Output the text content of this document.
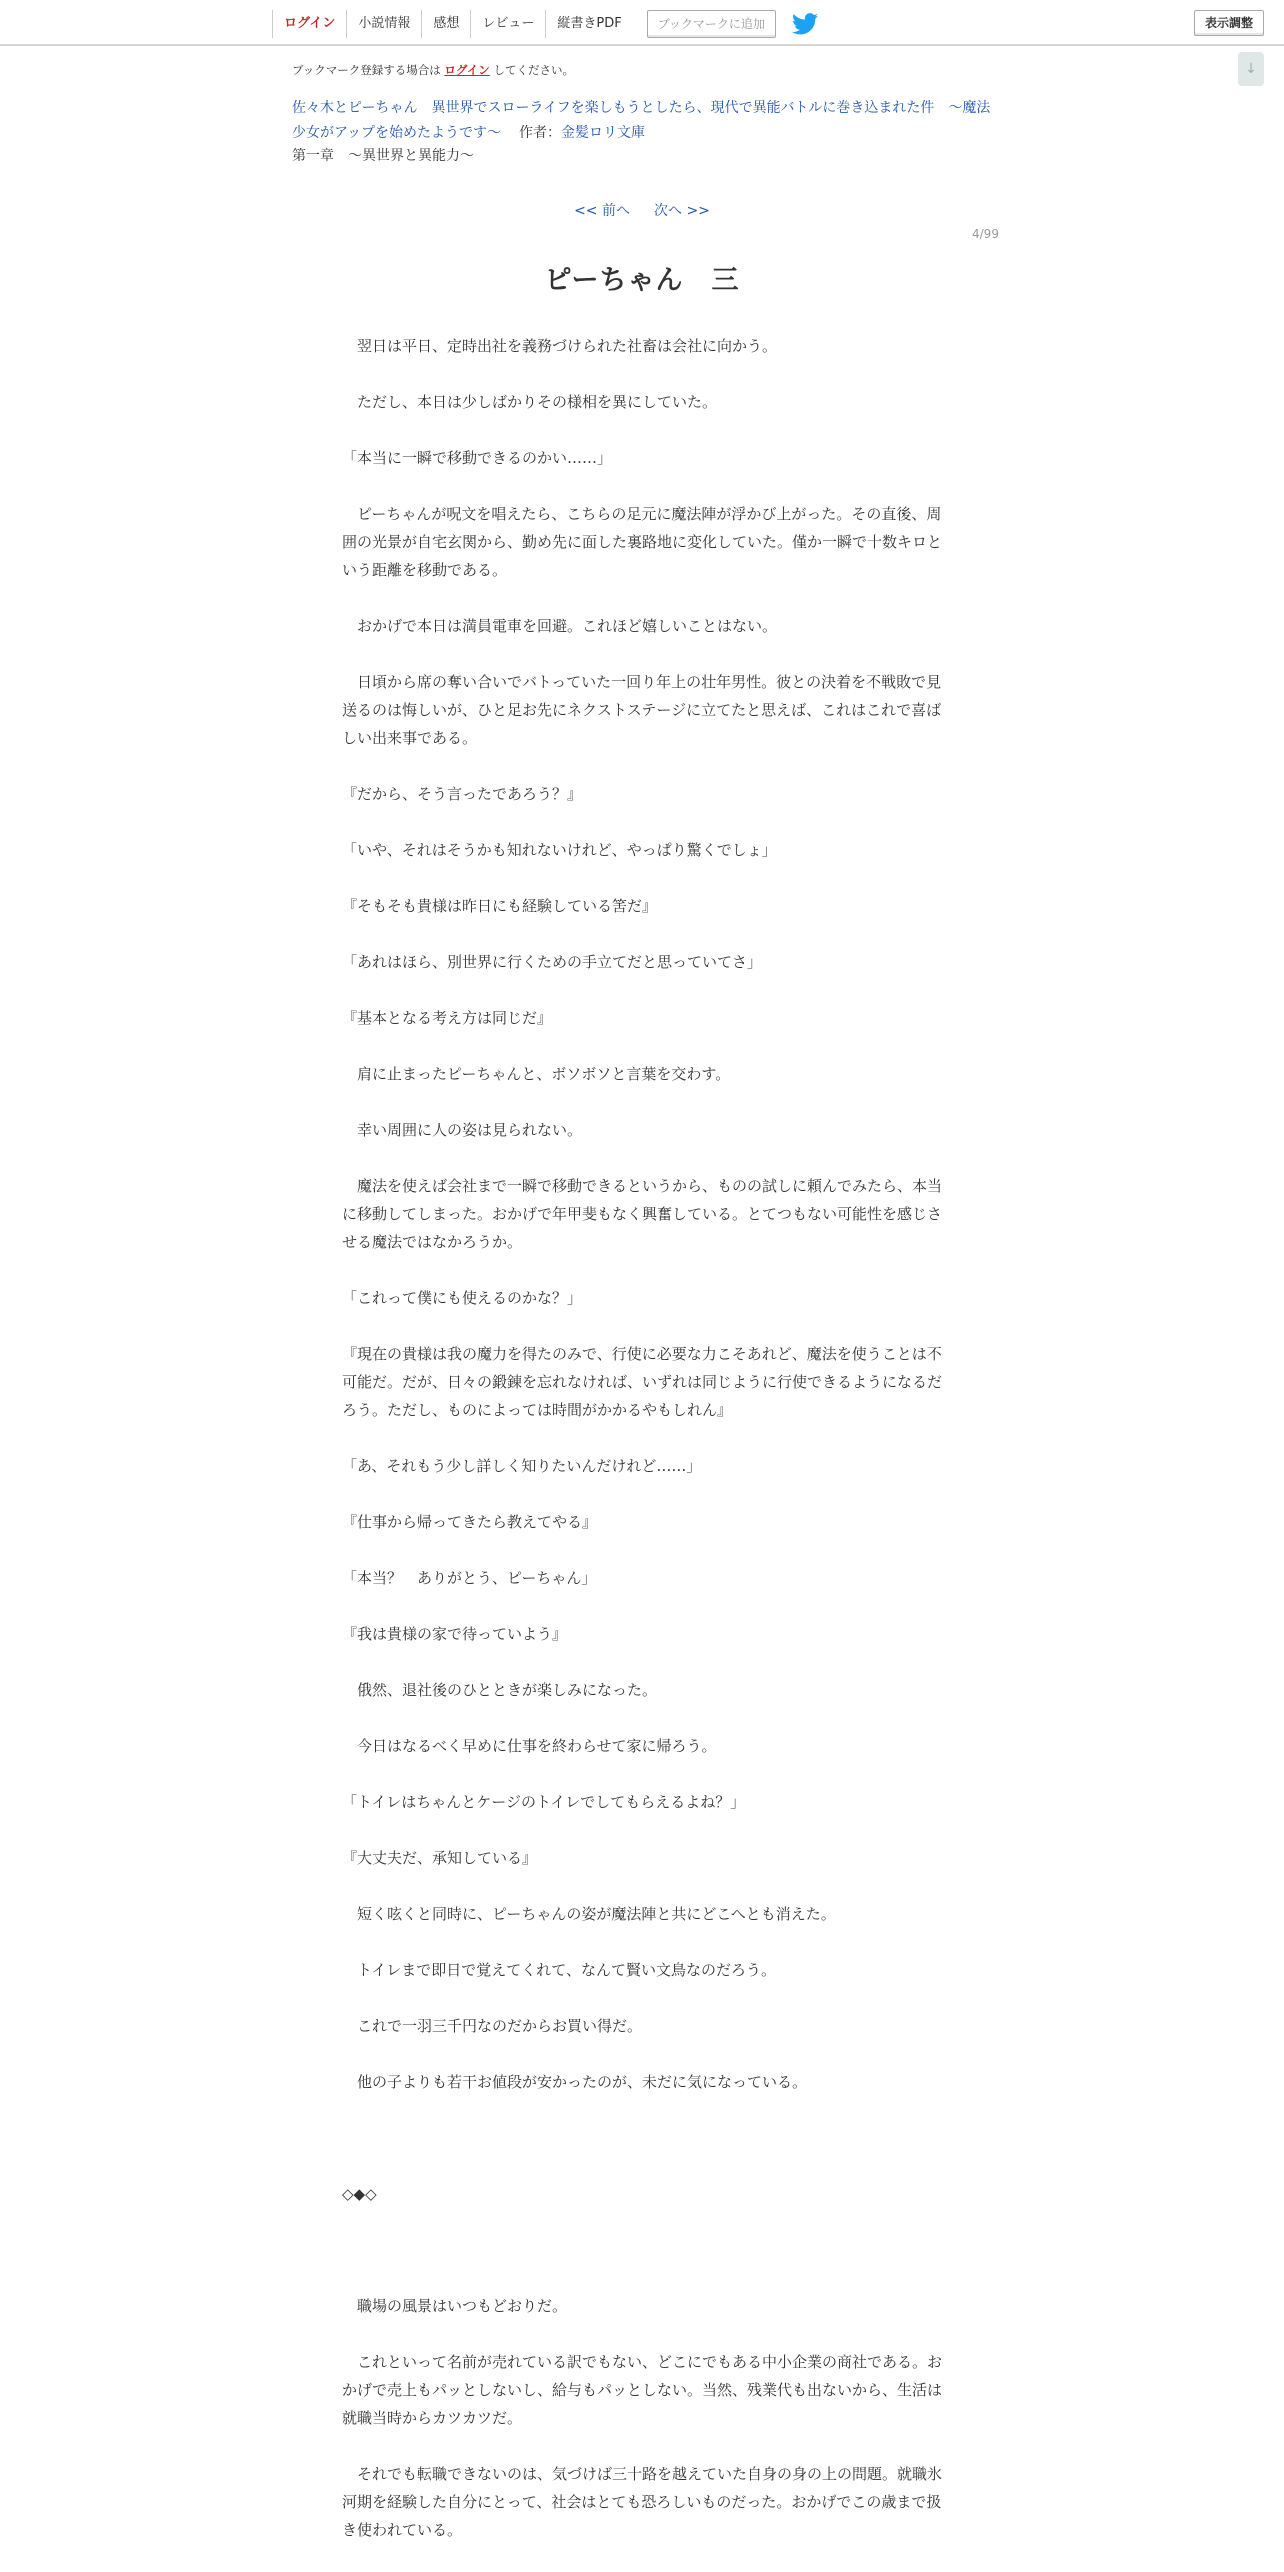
ログイン	小説情報	感想	レビュー	縦書きPDF	ブックマークに追加	表示調整
↓
ブックマーク登録する場合は ログイン してください。
佐々木とピーちゃん　異世界でスローライフを楽しもうとしたら、現代で異能バトルに巻き込まれた件　～魔法少女がアップを始めたようです～ 作者：金髪ロリ文庫
第一章　～異世界と異能力～
<< 前へ 次へ >>
4/99
ピーちゃん　三

　翌日は平日、定時出社を義務づけられた社畜は会社に向かう。

　ただし、本日は少しばかりその様相を異にしていた。

「本当に一瞬で移動できるのかい……」

　ピーちゃんが呪文を唱えたら、こちらの足元に魔法陣が浮かび上がった。その直後、周囲の光景が自宅玄関から、勤め先に面した裏路地に変化していた。僅か一瞬で十数キロという距離を移動である。

　おかげで本日は満員電車を回避。これほど嬉しいことはない。

　日頃から席の奪い合いでバトっていた一回り年上の壮年男性。彼との決着を不戦敗で見送るのは悔しいが、ひと足お先にネクストステージに立てたと思えば、これはこれで喜ばしい出来事である。

『だから、そう言ったであろう？』

「いや、それはそうかも知れないけれど、やっぱり驚くでしょ」

『そもそも貴様は昨日にも経験している筈だ』

「あれはほら、別世界に行くための手立てだと思っていてさ」

『基本となる考え方は同じだ』

　肩に止まったピーちゃんと、ボソボソと言葉を交わす。

　幸い周囲に人の姿は見られない。

　魔法を使えば会社まで一瞬で移動できるというから、ものの試しに頼んでみたら、本当に移動してしまった。おかげで年甲斐もなく興奮している。とてつもない可能性を感じさせる魔法ではなかろうか。

「これって僕にも使えるのかな？」

『現在の貴様は我の魔力を得たのみで、行使に必要な力こそあれど、魔法を使うことは不可能だ。だが、日々の鍛錬を忘れなければ、いずれは同じように行使できるようになるだろう。ただし、ものによっては時間がかかるやもしれん』

「あ、それもう少し詳しく知りたいんだけれど……」

『仕事から帰ってきたら教えてやる』

「本当？　ありがとう、ピーちゃん」

『我は貴様の家で待っていよう』

　俄然、退社後のひとときが楽しみになった。

　今日はなるべく早めに仕事を終わらせて家に帰ろう。

「トイレはちゃんとケージのトイレでしてもらえるよね？」

『大丈夫だ、承知している』

　短く呟くと同時に、ピーちゃんの姿が魔法陣と共にどこへとも消えた。

　トイレまで即日で覚えてくれて、なんて賢い文鳥なのだろう。

　これで一羽三千円なのだからお買い得だ。

　他の子よりも若干お値段が安かったのが、未だに気になっている。

◇◆◇

　職場の風景はいつもどおりだ。

　これといって名前が売れている訳でもない、どこにでもある中小企業の商社である。おかげで売上もパッとしないし、給与もパッとしない。当然、残業代も出ないから、生活は就職当時からカツカツだ。

　それでも転職できないのは、気づけば三十路を越えていた自身の身の上の問題。就職氷河期を経験した自分にとって、社会はとても恐ろしいものだった。おかげでこの歳まで扱き使われている。
